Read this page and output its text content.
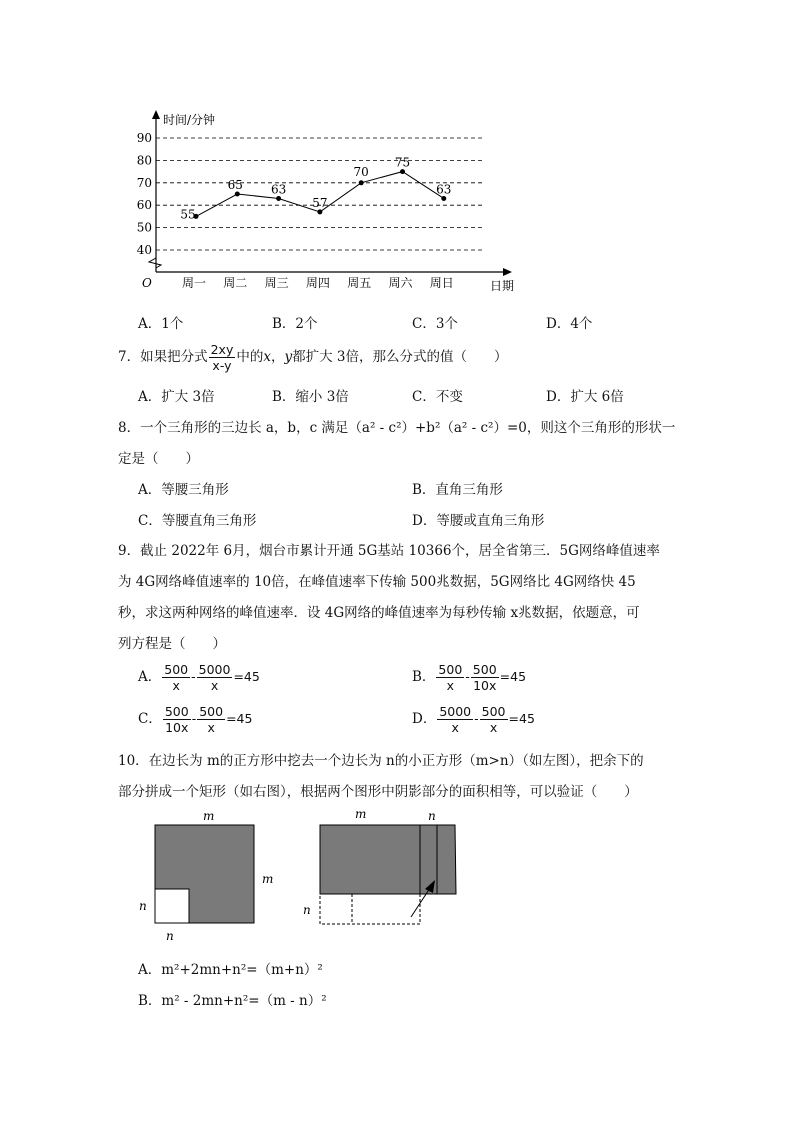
40
50
60
70
80
90
时间/分钟
日期
O	周一 周二 周三 周四 周五 周六 周日
55
65 63
57
70
75
63
A．1个	B．2个	C．3个	D．4个
7．如果把分式 $\frac{2xy}{x-y}$ 中的x，y都扩大 3倍，那么分式的值（　　）
A．扩大 3倍	B．缩小 3倍	C．不变	D．扩大 6倍
8．一个三角形的三边长 a，b，c 满足（a² - c²）+b²（a² - c²）=0，则这个三角形的形状一
定是（　　）
A．等腰三角形	B．直角三角形
C．等腰直角三角形	D．等腰或直角三角形
9．截止 2022年 6月，烟台市累计开通 5G基站 10366个，居全省第三．5G网络峰值速率
为 4G网络峰值速率的 10倍，在峰值速率下传输 500兆数据，5G网络比 4G网络快 45
秒，求这两种网络的峰值速率．设 4G网络的峰值速率为每秒传输 x兆数据，依题意，可
列方程是（　　）
A． $\frac{500}{x} - \frac{5000}{x} =45$	B． $\frac{500}{x} - \frac{500}{10x} =45$
C． $\frac{500}{10x} - \frac{500}{x} =45$	D． $\frac{5000}{x} - \frac{500}{x} =45$
10．在边长为 m的正方形中挖去一个边长为 n的小正方形（m>n）（如左图），把余下的
部分拼成一个矩形（如右图），根据两个图形中阴影部分的面积相等，可以验证（　　）
m
m
n
n
m	n
n
A．m²+2mn+n²=（m+n）²
B．m² - 2mn+n²=（m - n）²
